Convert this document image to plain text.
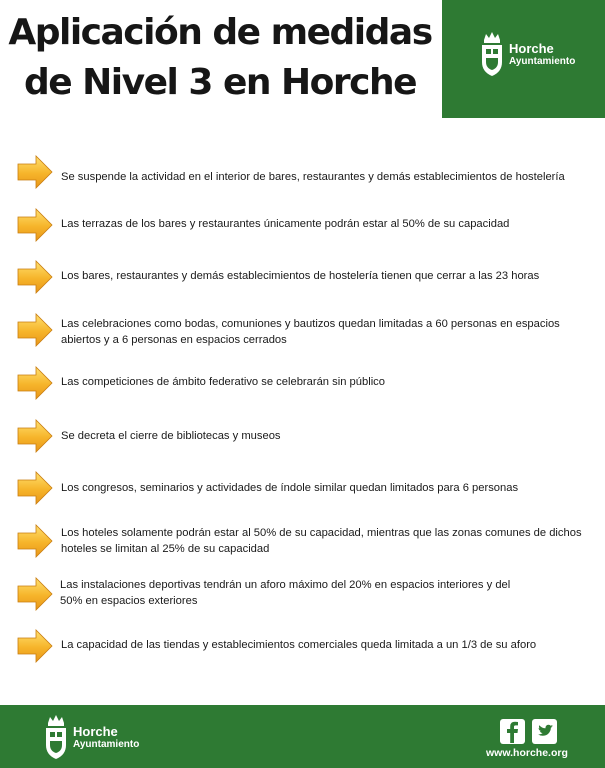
Aplicación de medidas
de Nivel 3 en Horche
Horche
Ayuntamiento
Se suspende la actividad en el interior de bares, restaurantes y demás establecimientos de hostelería
Las terrazas de los bares y restaurantes únicamente podrán estar al 50% de su capacidad
Los bares, restaurantes y demás establecimientos de hostelería tienen que cerrar a las 23 horas
Las celebraciones como bodas, comuniones y bautizos quedan limitadas a 60 personas en espacios abiertos y a 6 personas en espacios cerrados
Las competiciones de ámbito federativo se celebrarán sin público
Se decreta el cierre de bibliotecas y museos
Los congresos, seminarios y actividades de índole similar quedan limitados para 6 personas
Los hoteles solamente podrán estar al 50% de su capacidad, mientras que las zonas comunes de dichos hoteles se limitan al 25% de su capacidad
Las instalaciones deportivas tendrán un aforo máximo del 20% en espacios interiores y del 50% en espacios exteriores
La capacidad de las tiendas y establecimientos comerciales queda limitada a un 1/3 de su aforo
Horche
Ayuntamiento
www.horche.org
